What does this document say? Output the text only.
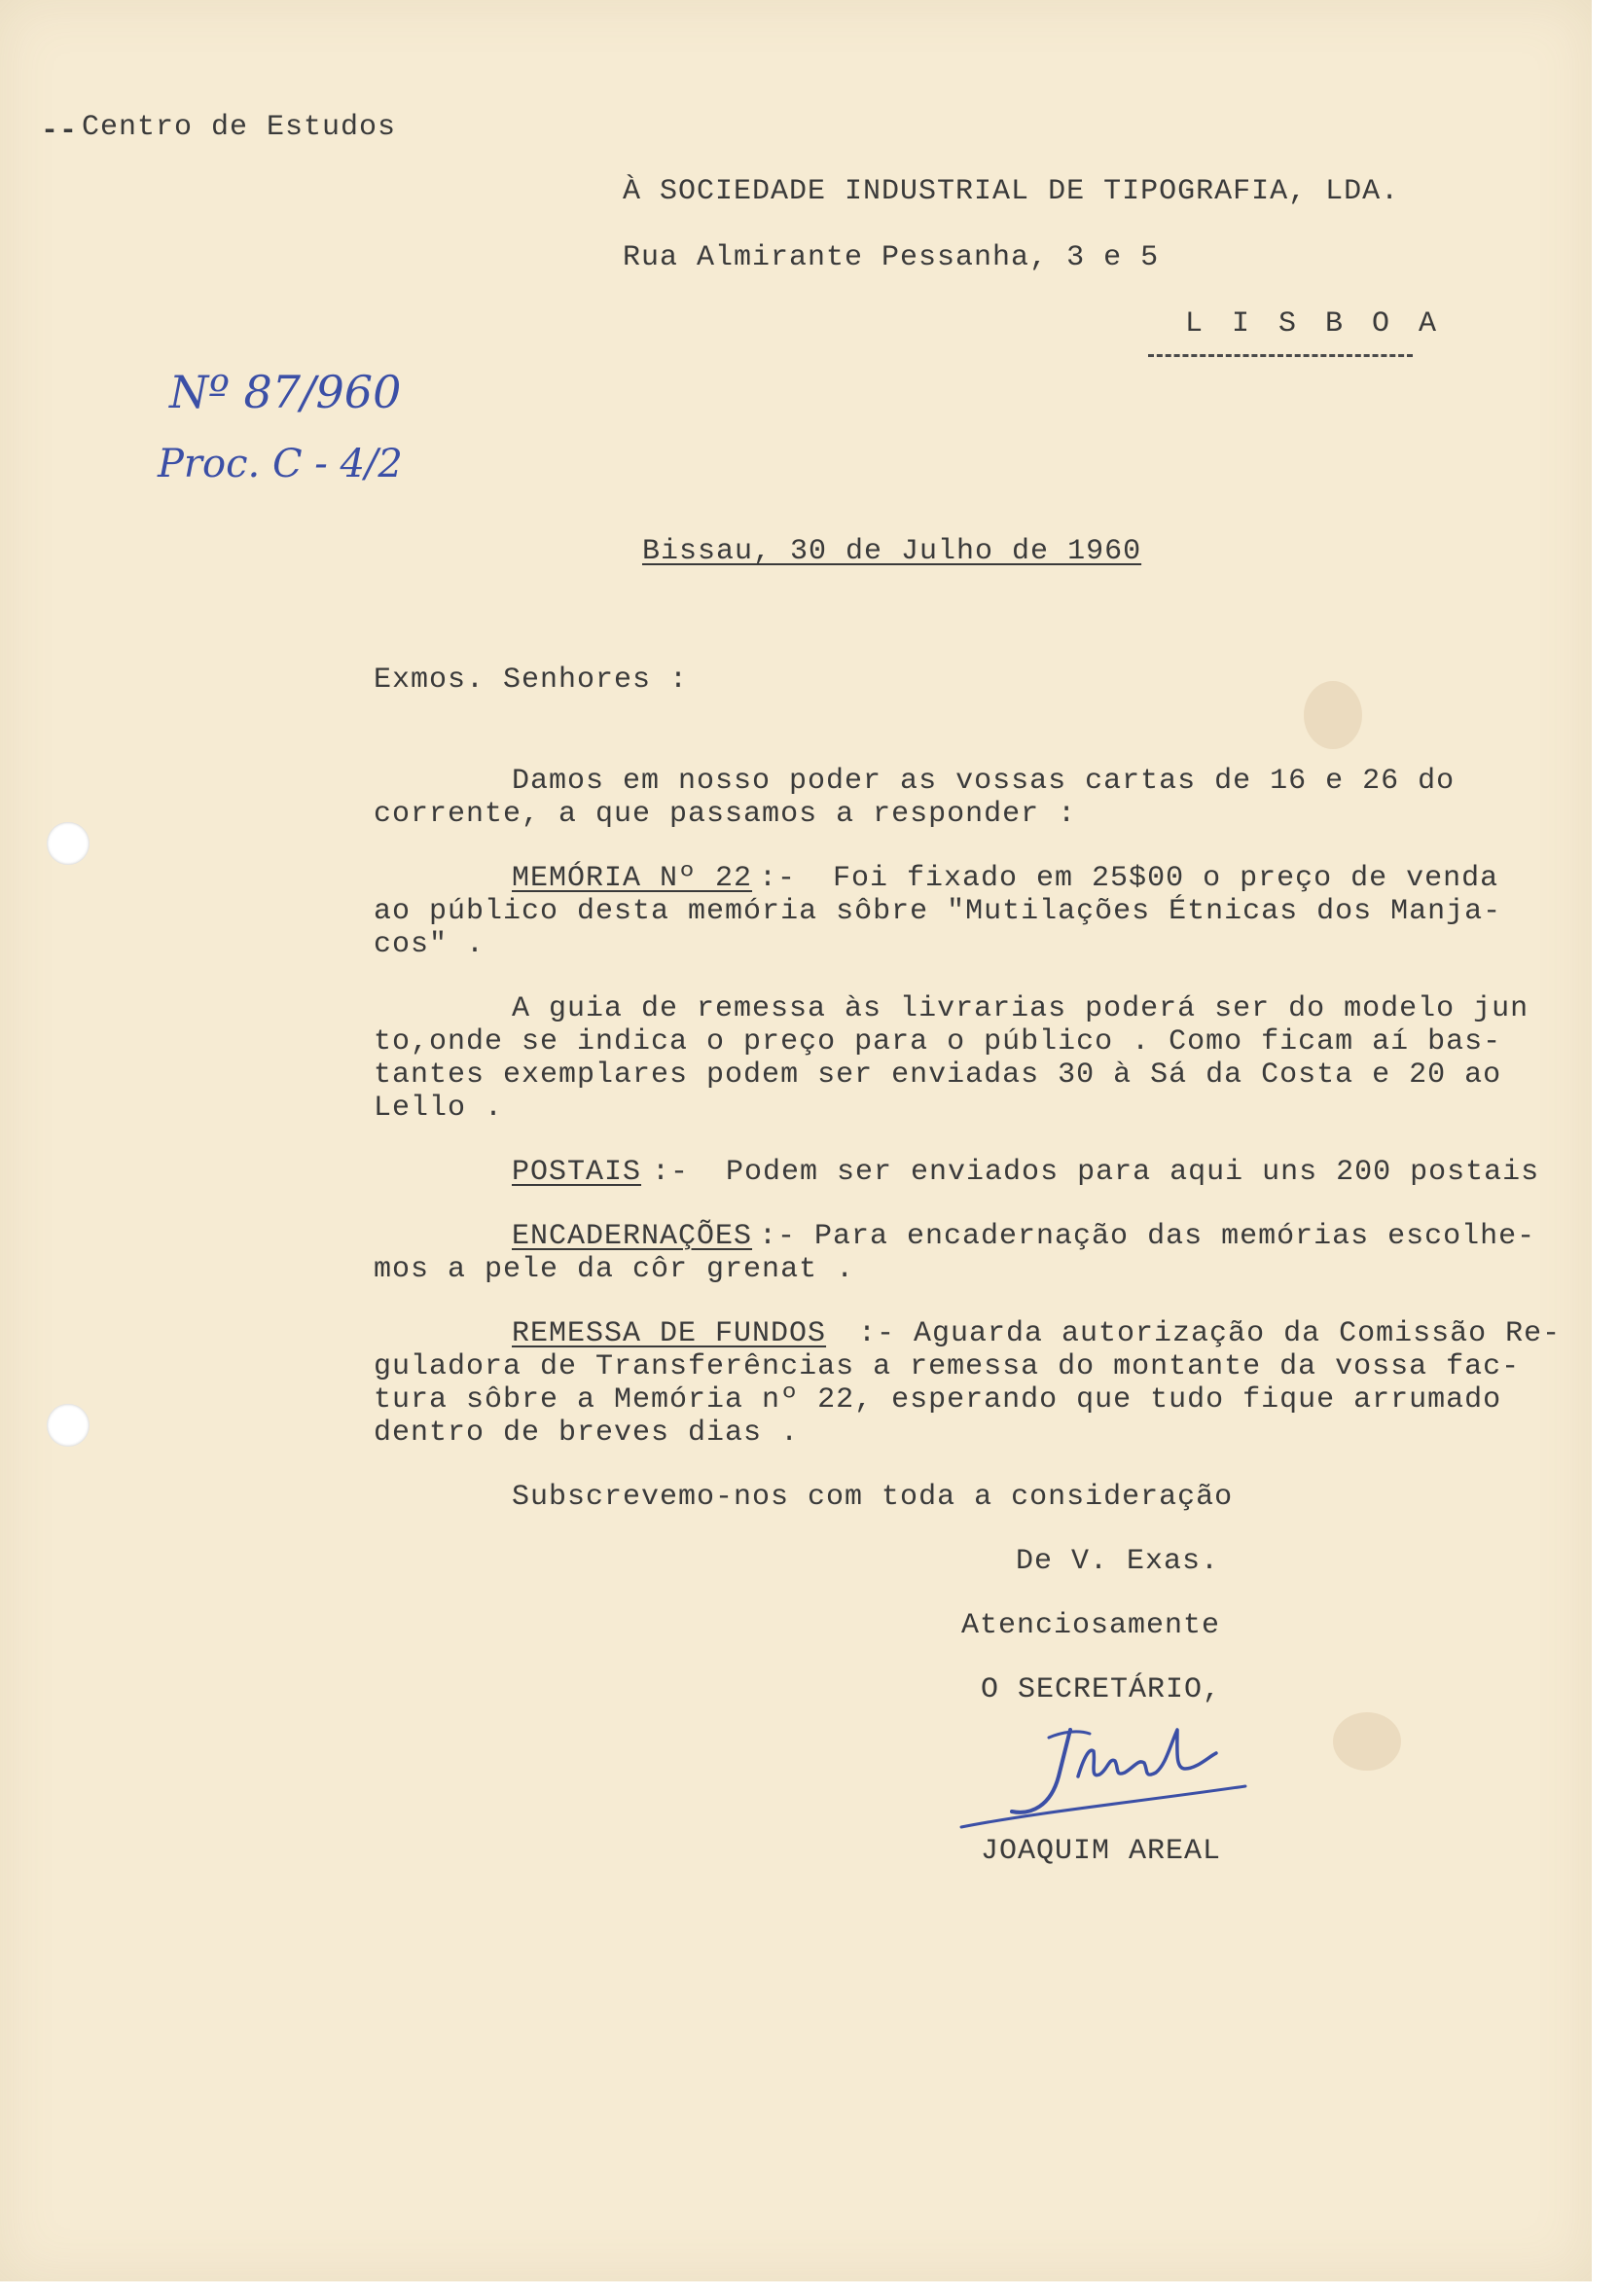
-- Centro de Estudos
À SOCIEDADE INDUSTRIAL DE TIPOGRAFIA, LDA.
Rua Almirante Pessanha, 3 e 5
L I S B O A
Nº 87/960
Proc. C - 4/2
Bissau, 30 de Julho de 1960
Exmos. Senhores :
Damos em nosso poder as vossas cartas de 16 e 26 do
corrente, a que passamos a responder :
MEMÓRIA Nº 22
:-  Foi fixado em 25$00 o preço de venda
ao público desta memória sôbre "Mutilações Étnicas dos Manja-
cos" .
A guia de remessa às livrarias poderá ser do modelo jun
to,onde se indica o preço para o público . Como ficam aí bas-
tantes exemplares podem ser enviadas 30 à Sá da Costa e 20 ao
Lello .
POSTAIS
:-  Podem ser enviados para aqui uns 200 postais
ENCADERNAÇÕES
:- Para encadernação das memórias escolhe-
mos a pele da côr grenat .
REMESSA DE FUNDOS :- Aguarda autorização da Comissão Re-
guladora de Transferências a remessa do montante da vossa fac-
tura sôbre a Memória nº 22, esperando que tudo fique arrumado
dentro de breves dias .
Subscrevemo-nos com toda a consideração
De V. Exas.
Atenciosamente
O SECRETÁRIO,
JOAQUIM AREAL
